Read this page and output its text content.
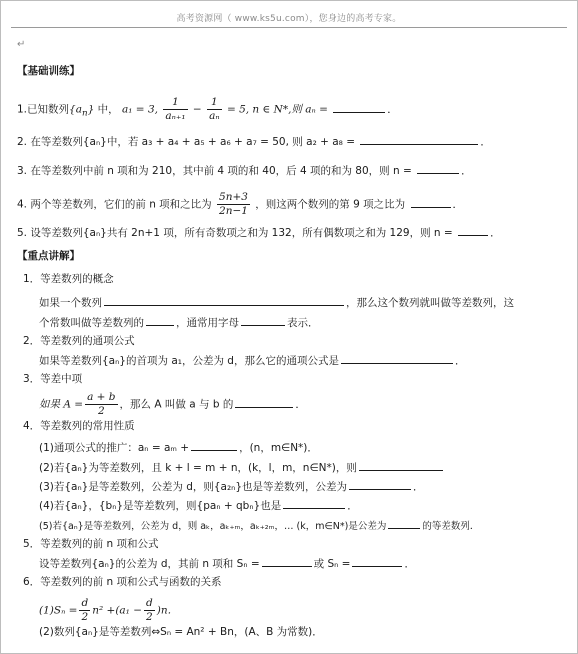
高考资源网（ www.ks5u.com），您身边的高考专家。
↵
【基础训练】
1.已知数列$\{a_n\}$ 中， a₁ = 3, $\frac{1}{\text{aₙ₊₁}} - \frac{1}{\text{aₙ}} = 5$, n ∈ N*,则 aₙ =	．
2. 在等差数列{aₙ}中，若 a₃ + a₄ + a₅ + a₆ + a₇ = 50, 则 a₂ + a₈ =	．
3. 在等差数列中前 n 项和为 210，其中前 4 项的和 40，后 4 项的和为 80，则 n =	．
4. 两个等差数列，它们的前 n 项和之比为 $\frac{5n+3}{2n-1}$ ，则这两个数列的第 9 项之比为	．
5. 设等差数列{aₙ}共有 2n+1 项，所有奇数项之和为 132，所有偶数项之和为 129，则 n =	．
【重点讲解】
1．等差数列的概念
如果一个数列	，那么这个数列就叫做等差数列，这
个常数叫做等差数列的	，通常用字母	表示．
2．等差数列的通项公式
如果等差数列{aₙ}的首项为 a₁，公差为 d，那么它的通项公式是	．
3．等差中项
如果 $A = \frac{a + b}{2}$ ，那么 A 叫做 a 与 b 的	．
4．等差数列的常用性质
(1)通项公式的推广：aₙ = aₘ +	，(n，m∈N*)．
(2)若{aₙ}为等差数列，且 k + l = m + n，(k，l，m，n∈N*)，则
(3)若{aₙ}是等差数列，公差为 d，则{a₂ₙ}也是等差数列，公差为	．
(4)若{aₙ}，{bₙ}是等差数列，则{paₙ + qbₙ}也是	．
(5)若{aₙ}是等差数列，公差为 d，则 aₖ，aₖ₊ₘ，aₖ₊₂ₘ，… (k，m∈N*)是公差为	的等差数列．
5．等差数列的前 n 项和公式
设等差数列{aₙ}的公差为 d，其前 n 项和 Sₙ =	或 Sₙ =	．
6．等差数列的前 n 项和公式与函数的关系
$(1)S_n = \frac{d}{2} n^2 +(a_1 - \frac{d}{2} )n$．
(2)数列{aₙ}是等差数列⇔Sₙ = An² + Bn，(A、B 为常数)．
